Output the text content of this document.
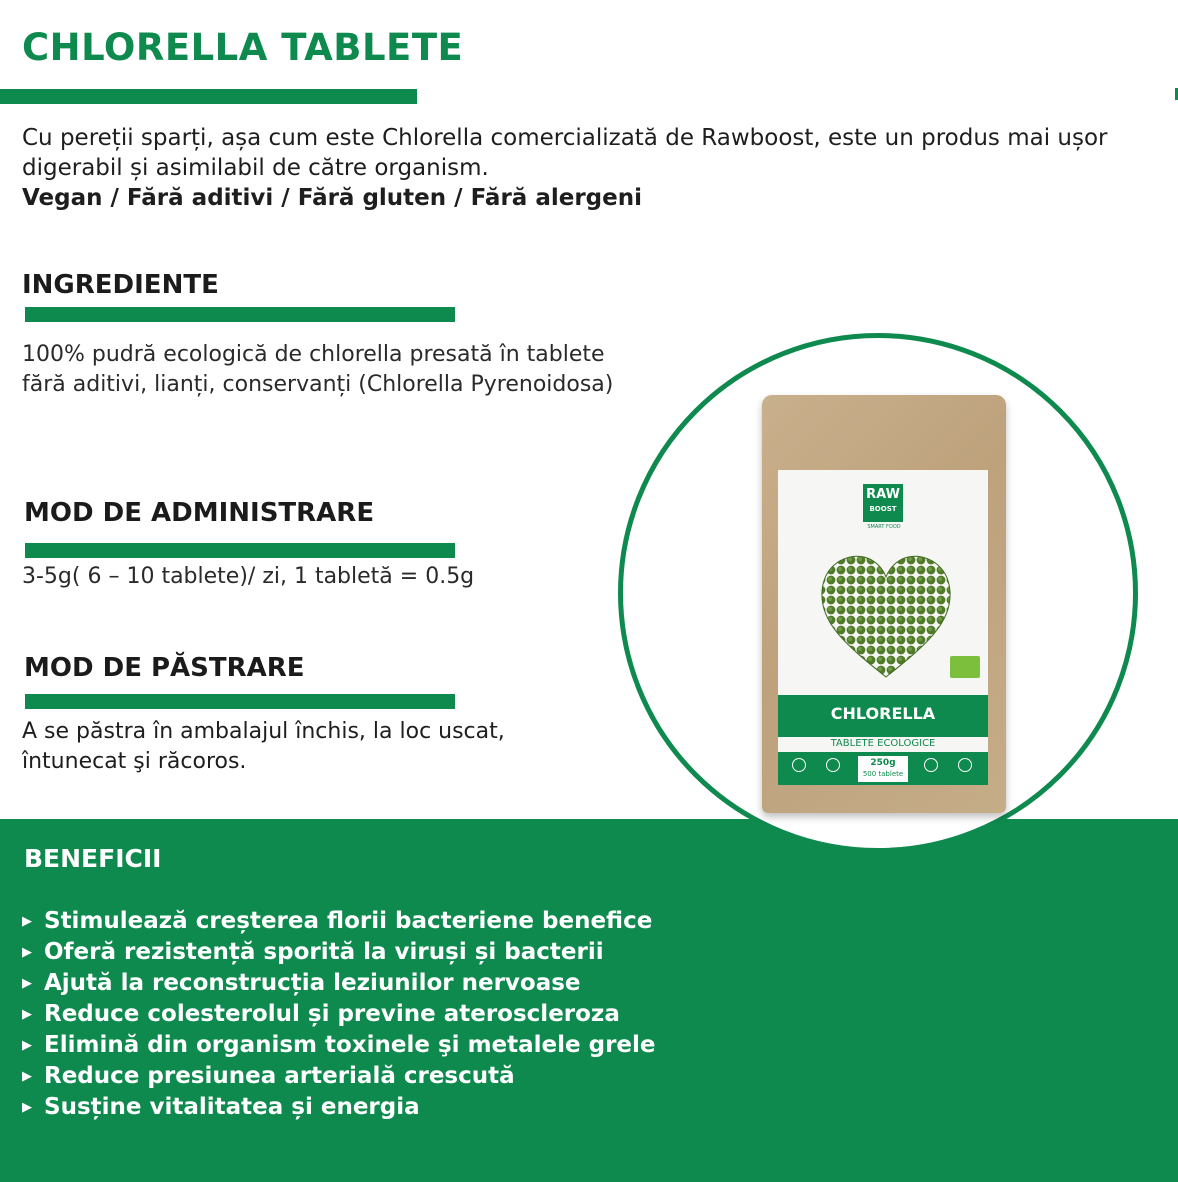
CHLORELLA TABLETE

Cu pereții sparți, așa cum este Chlorella comercializată de Rawboost, este un produs mai ușor digerabil și asimilabil de către organism.
Vegan / Fără aditivi / Fără gluten / Fără alergeni

INGREDIENTE

100% pudră ecologică de chlorella presată în tablete
fără aditivi, lianți, conservanți (Chlorella Pyrenoidosa)

MOD DE ADMINISTRARE

3-5g( 6 – 10 tablete)/ zi, 1 tabletă = 0.5g

MOD DE PĂSTRARE

A se păstra în ambalajul închis, la loc uscat,
întunecat şi răcoros.

BENEFICII
▶ Stimulează creșterea florii bacteriene benefice
▶ Oferă rezistență sporită la viruși și bacterii
▶ Ajută la reconstrucția leziunilor nervoase
▶ Reduce colesterolul și previne ateroscleroza
▶ Elimină din organism toxinele şi metalele grele
▶ Reduce presiunea arterială crescută
▶ Susține vitalitatea și energia
RAW
BOOST
SMART FOOD
CHLORELLA
TABLETE ECOLOGICE
250g
500 tablete
